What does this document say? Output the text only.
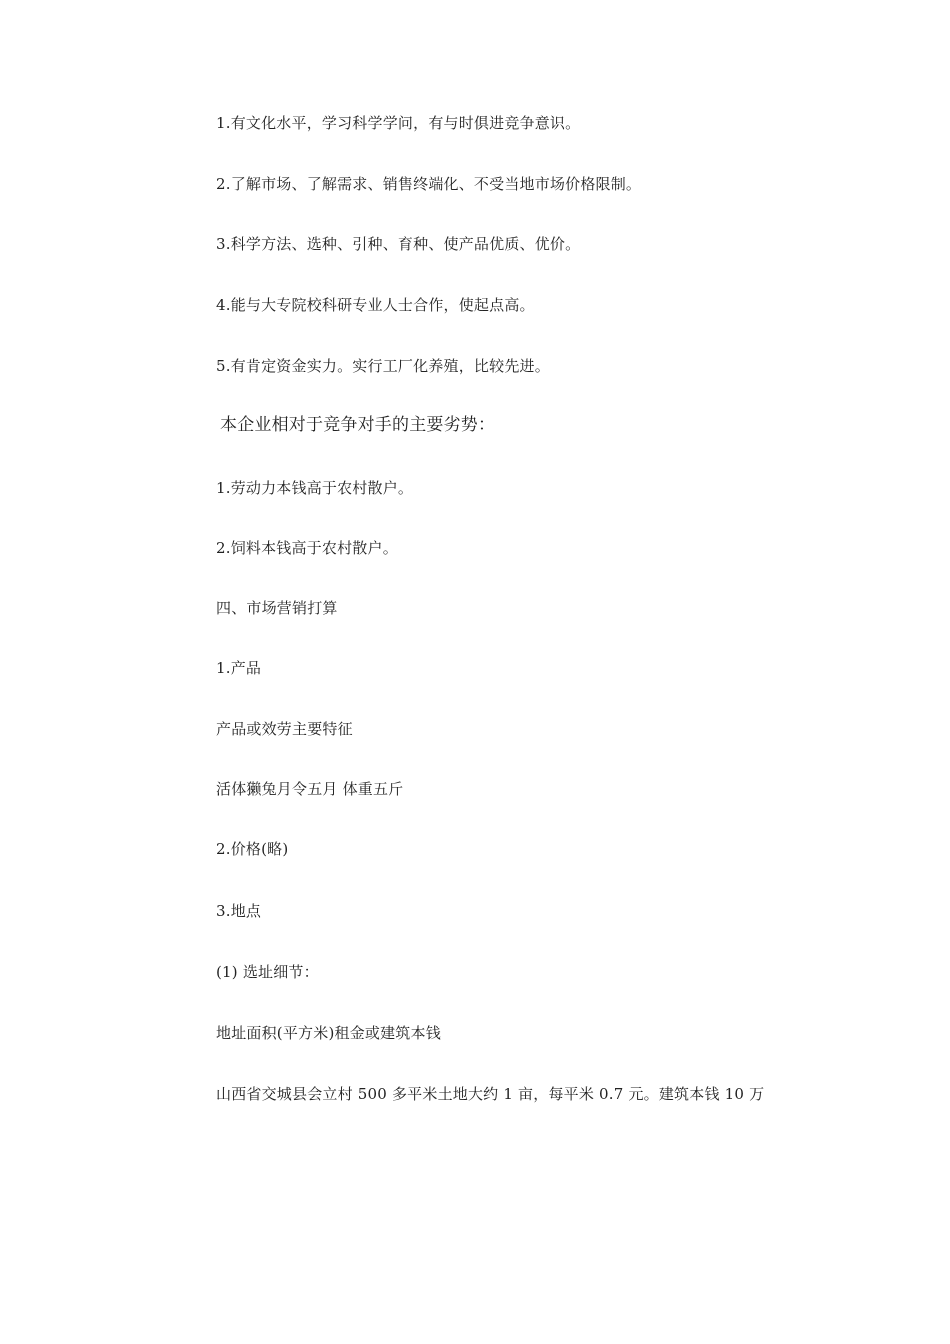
1.有文化水平，学习科学学问，有与时俱进竞争意识。
2.了解市场、了解需求、销售终端化、不受当地市场价格限制。
3.科学方法、选种、引种、育种、使产品优质、优价。
4.能与大专院校科研专业人士合作，使起点高。
5.有肯定资金实力。实行工厂化养殖，比较先进。
本企业相对于竞争对手的主要劣势：
1.劳动力本钱高于农村散户。
2.饲料本钱高于农村散户。
四、市场营销打算
1.产品
产品或效劳主要特征
活体獭兔月令五月 体重五斤
2.价格(略)
3.地点
(1) 选址细节：
地址面积(平方米)租金或建筑本钱
山西省交城县会立村 500 多平米土地大约 1 亩，每平米 0.7 元。建筑本钱 10 万
